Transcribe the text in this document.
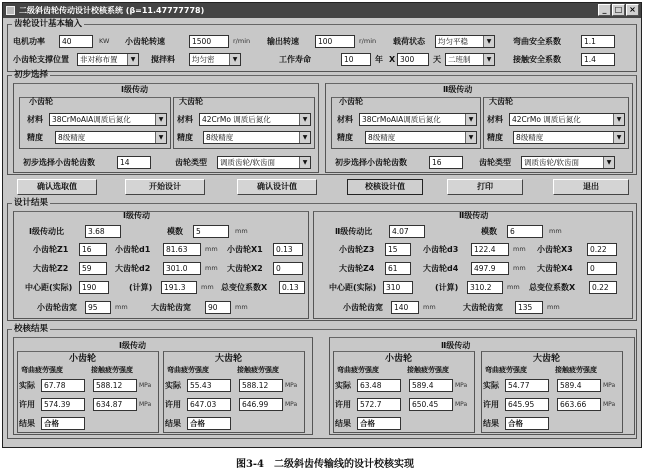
二级斜齿轮传动设计校核系统 (β=11.47777778)	_ □ ×
齿轮设计基本输入
电机功率	40	KW 小齿轮转速	1500	r/min 输出转速	100	r/min 载荷状态	均匀平稳	▼	弯曲安全系数	1.1
小齿轮支撑位置	非对称布置	▼	搅拌料	均匀密	▼	工作寿命	10	年 X 300	天 二班制	▼	接触安全系数	1.4
初步选择
Ⅰ级传动
小齿轮
材料	38CrMoAlA调质后氮化	▼
精度	8级精度	▼
大齿轮
材料	42CrMo 调质后氮化	▼
精度	8级精度	▼
初步选择小齿轮齿数	14	齿轮类型	调质齿轮/软齿面	▼
Ⅱ级传动
小齿轮
材料	38CrMoAlA调质后氮化	▼
精度	8级精度	▼
大齿轮
材料	42CrMo 调质后氮化	▼
精度	8级精度	▼
初步选择小齿轮齿数	16	齿轮类型	调质齿轮/软齿面	▼
确认选取值	开始设计	确认设计值	校核设计值	打印	退出
设计结果
Ⅰ级传动
Ⅰ级传动比	3.68	模数	5	mm
小齿轮Z1	16	小齿轮d1	81.63	mm 小齿轮X1	0.13
大齿轮Z2	59	大齿轮d2	301.0	mm 大齿轮X2	0
中心距(实际)	190	(计算)	191.3	mm 总变位系数X	0.13
小齿轮齿宽	95	mm	大齿轮齿宽	90	mm
Ⅱ级传动
Ⅱ级传动比	4.07	模数	6	mm
小齿轮Z3	15	小齿轮d3	122.4	mm 小齿轮X3	0.22
大齿轮Z4	61	大齿轮d4	497.9	mm 大齿轮X4	0
中心距(实际)	310	(计算)	310.2	mm 总变位系数X	0.22
小齿轮齿宽	140	mm	大齿轮齿宽	135	mm
校核结果
Ⅰ级传动	Ⅱ级传动
小齿轮
弯曲疲劳强度	接触疲劳强度
实际	67.78	588.12	MPa
许用	574.39	634.87	MPa
结果	合格
大齿轮
弯曲疲劳强度	接触疲劳强度
实际	55.43	588.12	MPa
许用	647.03	646.99	MPa
结果	合格
小齿轮
弯曲疲劳强度	接触疲劳强度
实际	63.48	589.4	MPa
许用	572.7	650.45	MPa
结果	合格
大齿轮
弯曲疲劳强度	接触疲劳强度
实际	54.77	589.4	MPa
许用	645.95	663.66	MPa
结果	合格
图3-4　二级斜齿传输线的设计校核实现
